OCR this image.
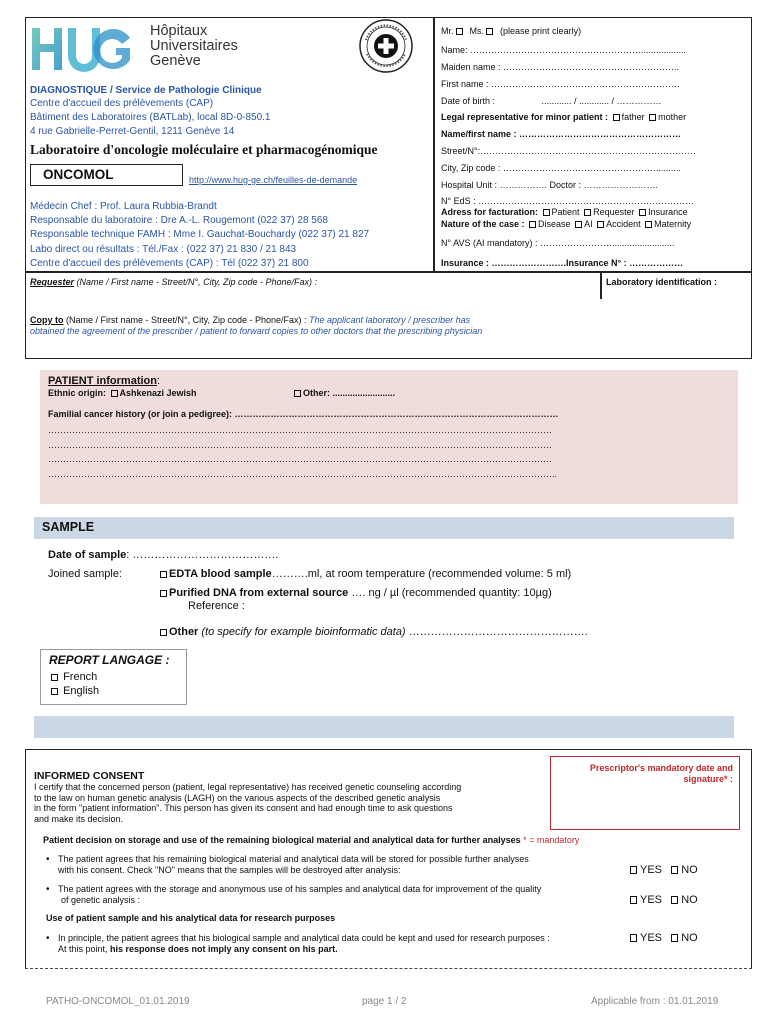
Hôpitaux
Universitaires
Genève
DIAGNOSTIQUE / Service de Pathologie Clinique
Centre d'accueil des prélèvements (CAP)
Bâtiment des Laboratoires (BATLab), local 8D-0-850.1
4 rue Gabrielle-Perret-Gentil, 1211 Genève 14
Laboratoire d'oncologie moléculaire et pharmacogénomique
ONCOMOL	http://www.hug-ge.ch/feuilles-de-demande
Médecin Chef : Prof. Laura Rubbia-Brandt
Responsable du laboratoire : Dre A.-L. Rougemont (022 37) 28 568
Responsable technique FAMH : Mme I. Gauchat-Bouchardy (022 37) 21 827
Labo direct ou résultats : Tél./Fax : (022 37) 21 830 / 21 843
Centre d'accueil des prélèvements (CAP) : Tél (022 37) 21 800
Mr. Ms. (please print clearly)
Name: …………………………………………………..................
Maiden name : …………………………………………………..
First name : ………………………………………………………
Date of birth :	............ / ............ / ……………
Legal representative for minor patient : father mother
Name/first name : ………………………………………………
Street/N°:………………………………………………………………
City, Zip code : ……………………………………………..........
Hospital Unit : ……………. Doctor : …………………….
N° EdS : ………………………………………………………………
Adress for facturation: Patient Requester Insurance
Nature of the case : Disease AI Accident Maternity
N° AVS (AI mandatory) : …………………….........................
Insurance : …………………….Insurance N° : ………………
Requester (Name / First name - Street/N°, City, Zip code - Phone/Fax) :	Laboratory identification :
Copy to (Name / First name - Street/N°, City, Zip code - Phone/Fax) : The applicant laboratory / prescriber has
obtained the agreement of the prescriber / patient to forward copies to other doctors that the prescribing physician
PATIENT information:
Ethnic origin: Ashkenazi Jewish	Other: .........................
Familial cancer history (or join a pedigree): ………………………………………………………………………………………………
……………………………………………………………………………………………………………………………………………………
……………………………………………………………………………………………………………………………………………………
……………………………………………………………………………………………………………………………………………………
……………………………………………………………………………………………………………………………………………………..
SAMPLE
Date of sample: ………………………………….
Joined sample:	EDTA blood sample……….ml, at room temperature (recommended volume: 5 ml)
Purified DNA from external source …. ng / µl (recommended quantity: 10µg)
Reference :
Other (to specify for example bioinformatic data) ………………………………………….
REPORT LANGAGE :
French
English
Prescriptor's mandatory date and signature* :
INFORMED CONSENT
I certify that the concerned person (patient, legal representative) has received genetic counseling according
to the law on human genetic analysis (LAGH) on the various aspects of the described genetic analysis
in the form "patient information". This person has given its consent and had enough time to ask questions
and make its decision.
Patient decision on storage and use of the remaining biological material and analytical data for further analyses * = mandatory
• The patient agrees that his remaining biological material and analytical data will be stored for possible further analyses
with his consent. Check "NO" means that the samples will be destroyed after analysis:	YES NO
• The patient agrees with the storage and anonymous use of his samples and analytical data for improvement of the quality
of genetic analysis :	YES NO
Use of patient sample and his analytical data for research purposes
• In principle, the patient agrees that his biological sample and analytical data could be kept and used for research purposes :
At this point, his response does not imply any consent on his part.
YES NO
PATHO-ONCOMOL_01.01.2019	page 1 / 2	Applicable from : 01.01.2019
